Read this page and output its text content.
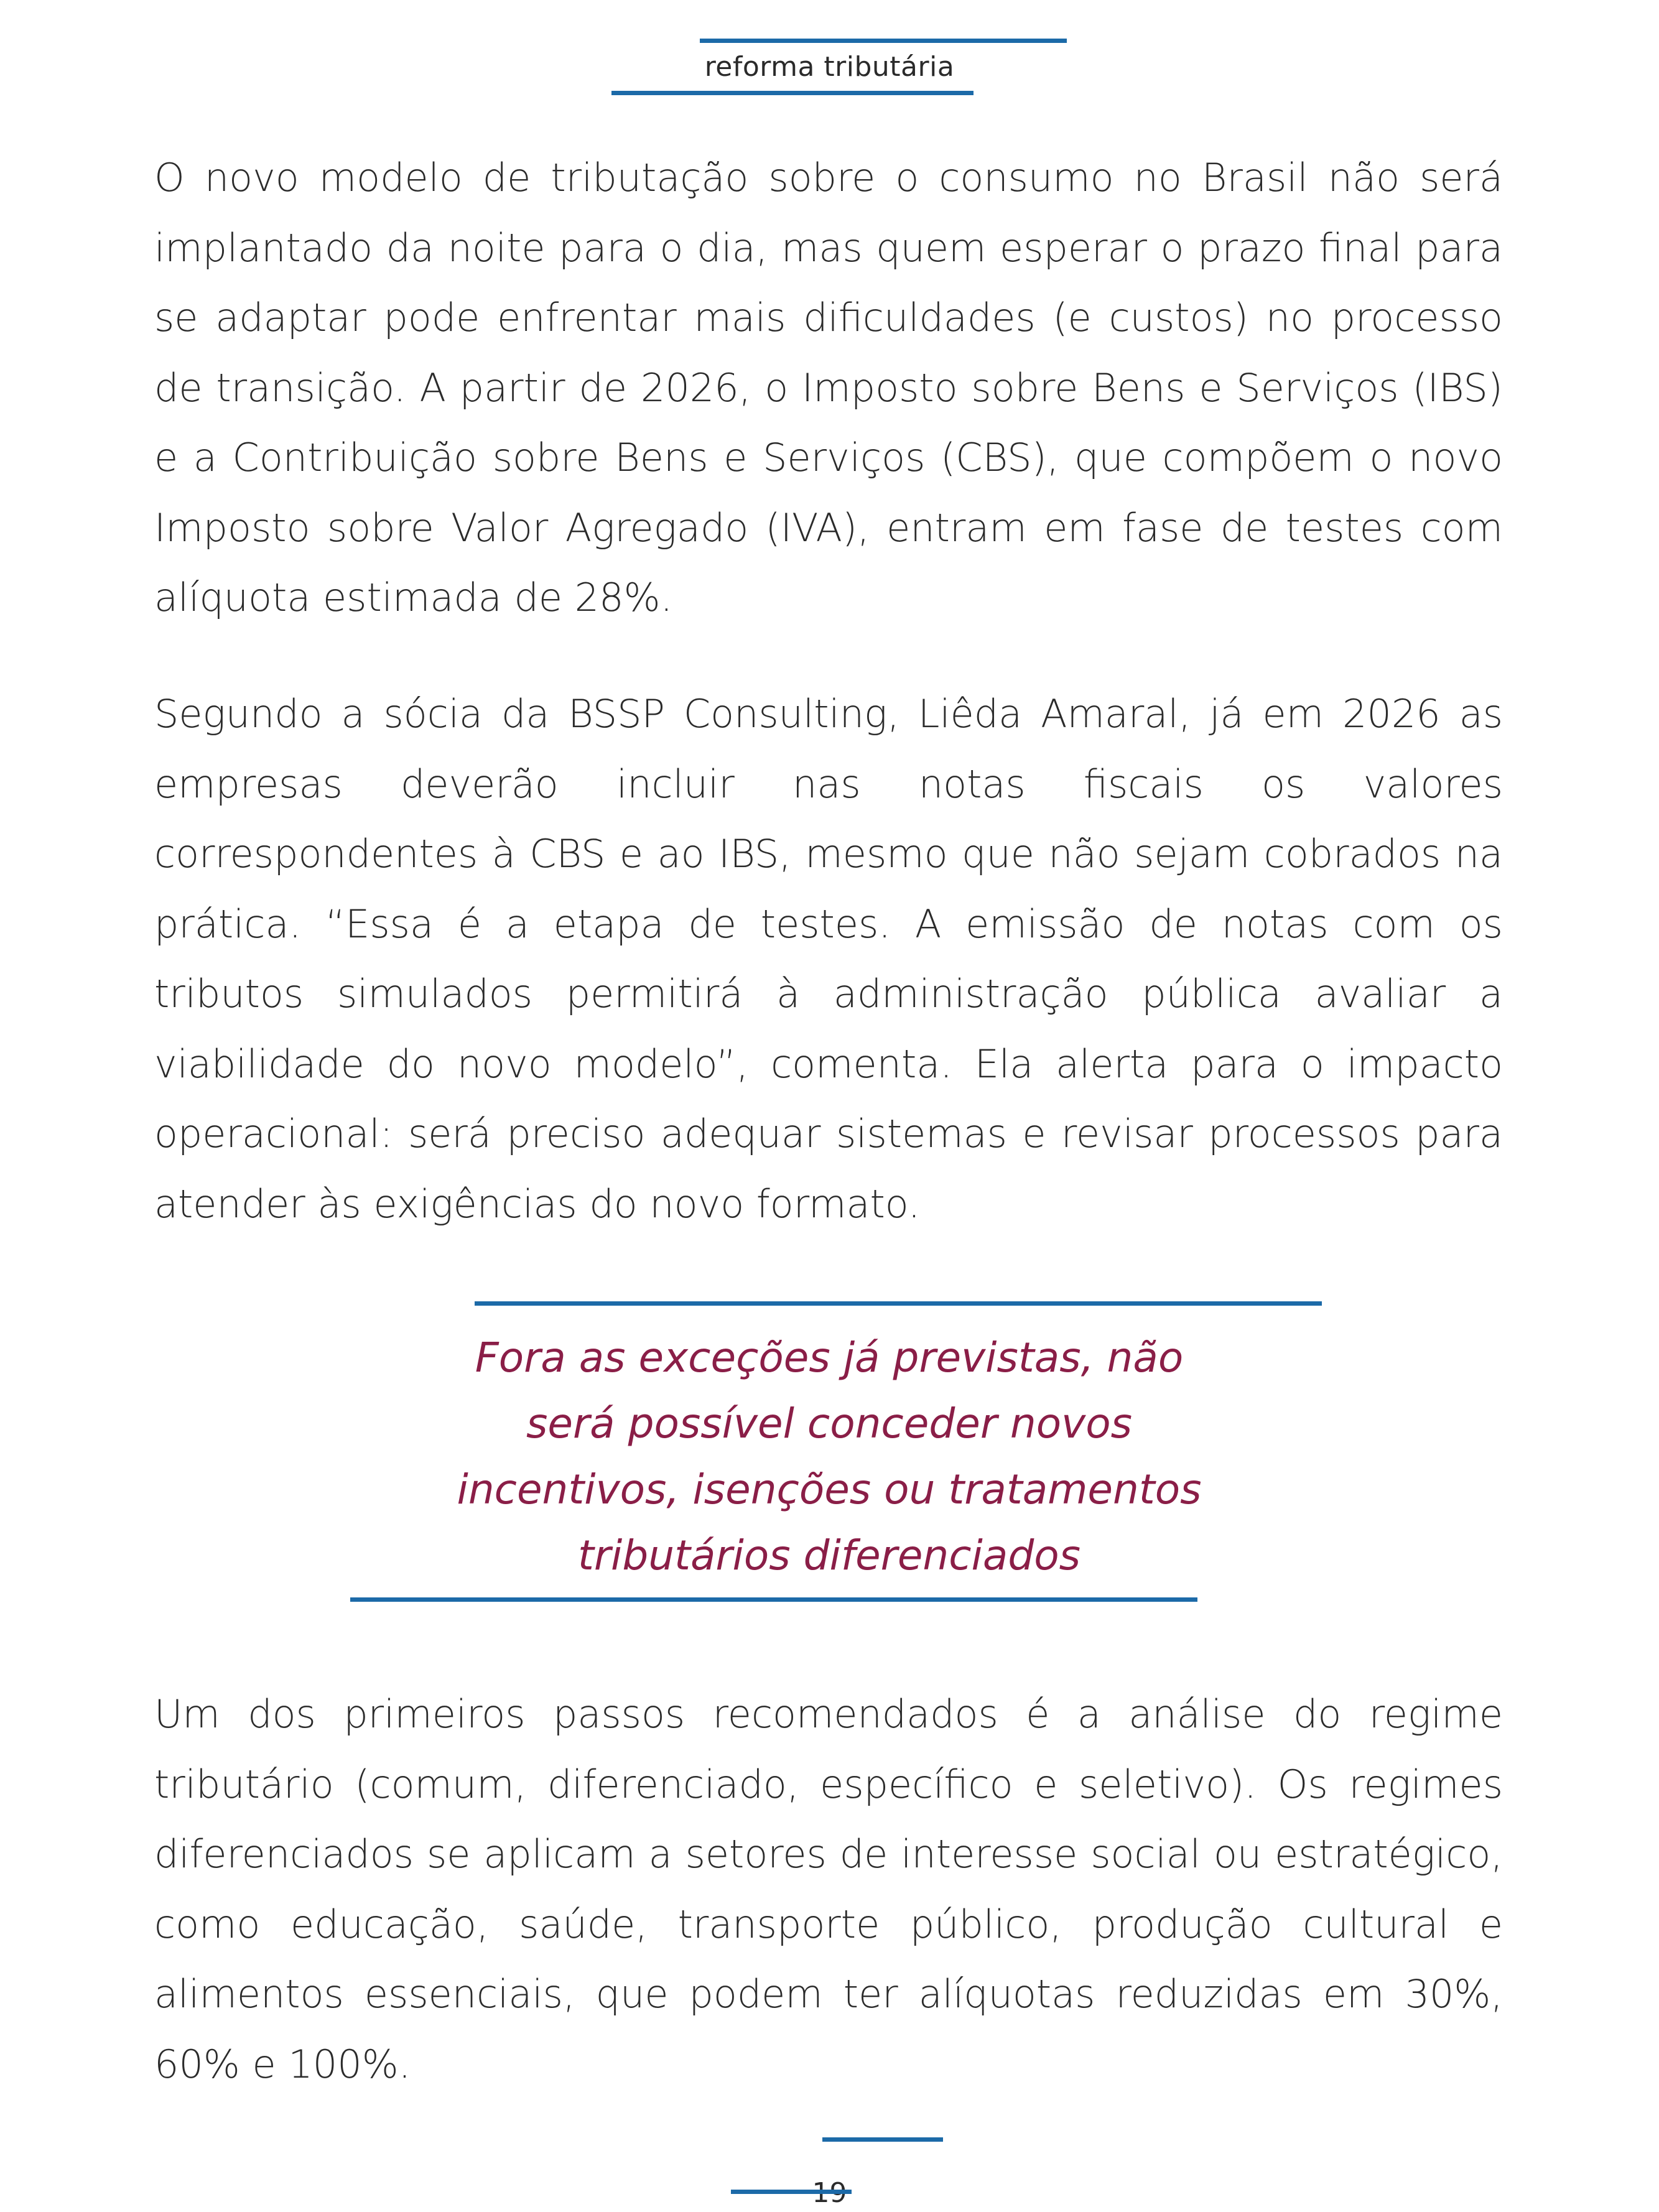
reforma tributária

O novo modelo de tributação sobre o consumo no Brasil não será implantado da noite para o dia, mas quem esperar o prazo final para se adaptar pode enfrentar mais dificuldades (e custos) no processo de transição. A partir de 2026, o Imposto sobre Bens e Serviços (IBS) e a Contribuição sobre Bens e Serviços (CBS), que compõem o novo Imposto sobre Valor Agregado (IVA), entram em fase de testes com alíquota estimada de 28%.

Segundo a sócia da BSSP Consulting, Liêda Amaral, já em 2026 as empresas deverão incluir nas notas fiscais os valores correspondentes à CBS e ao IBS, mesmo que não sejam cobrados na prática. “Essa é a etapa de testes. A emissão de notas com os tributos simulados permitirá à administração pública avaliar a viabilidade do novo modelo”, comenta. Ela alerta para o impacto operacional: será preciso adequar sistemas e revisar processos para atender às exigências do novo formato.

Fora as exceções já previstas, não será possível conceder novos incentivos, isenções ou tratamentos tributários diferenciados

Um dos primeiros passos recomendados é a análise do regime tributário (comum, diferenciado, específico e seletivo). Os regimes diferenciados se aplicam a setores de interesse social ou estratégico, como educação, saúde, transporte público, produção cultural e alimentos essenciais, que podem ter alíquotas reduzidas em 30%, 60% e 100%.
